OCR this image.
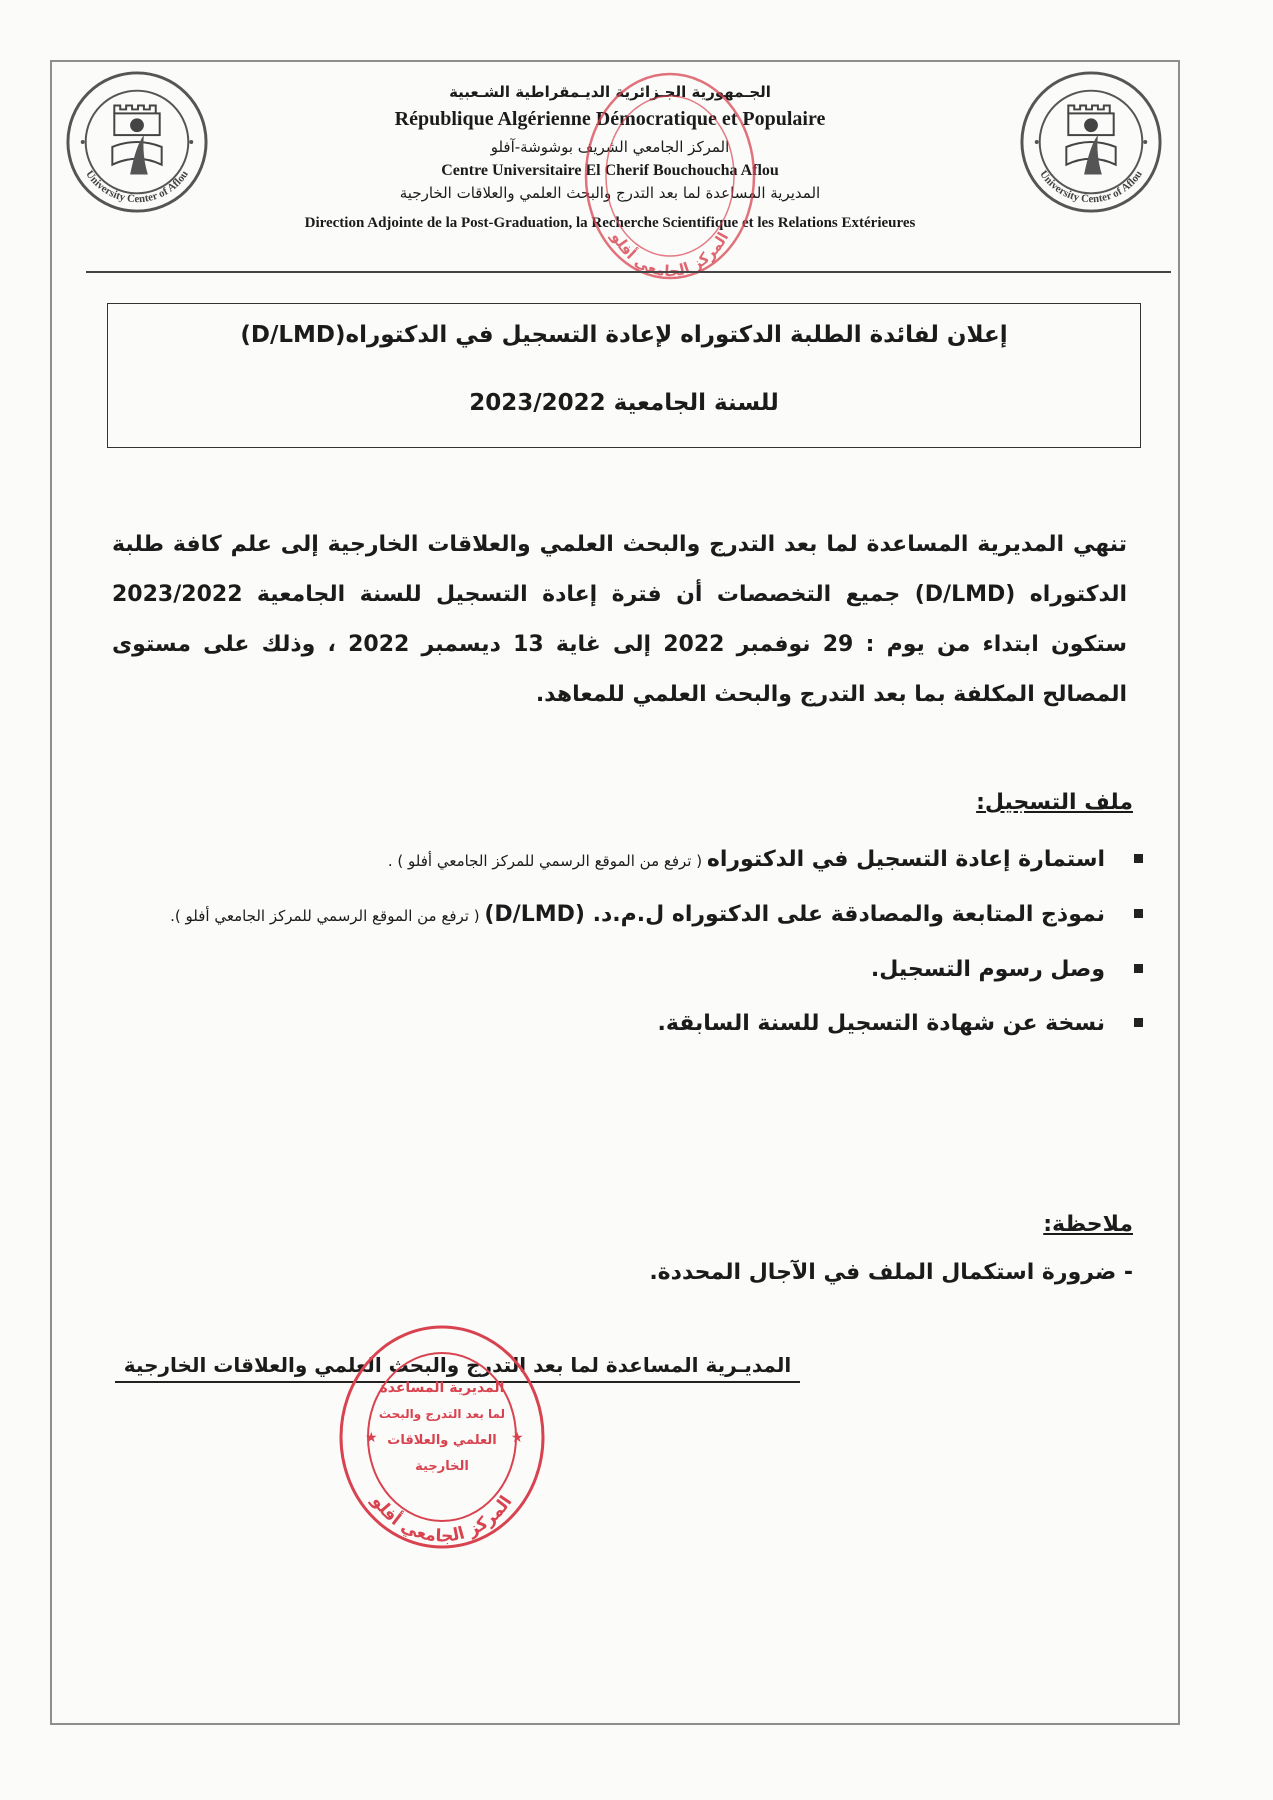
University Center of Aflou	University Center of Aflou
الجـمهورية الجـزائرية الديـمقراطية الشـعبية
République Algérienne Démocratique et Populaire
المركز الجامعي الشريف بوشوشة-آفلو
Centre Universitaire El Cherif Bouchoucha Aflou
المديرية المساعدة لما بعد التدرج والبحث العلمي والعلاقات الخارجية
Direction Adjointe de la Post-Graduation, la Recherche Scientifique et les Relations Extérieures
المركز الجامعي أفلو
إعلان لفائدة الطلبة الدكتوراه لإعادة التسجيل في الدكتوراه(D/LMD)
للسنة الجامعية 2023/2022
تنهي المديرية المساعدة لما بعد التدرج والبحث العلمي والعلاقات الخارجية إلى علم كافة طلبة الدكتوراه (D/LMD) جميع التخصصات أن فترة إعادة التسجيل للسنة الجامعية 2023/2022 ستكون ابتداء من يوم : 29 نوفمبر 2022 إلى غاية 13 ديسمبر 2022 ، وذلك على مستوى المصالح المكلفة بما بعد التدرج والبحث العلمي للمعاهد.
ملف التسجيل:
استمارة إعادة التسجيل في الدكتوراه ( ترفع من الموقع الرسمي للمركز الجامعي أفلو ) .
نموذج المتابعة والمصادقة على الدكتوراه ل.م.د. (D/LMD) ( ترفع من الموقع الرسمي للمركز الجامعي أفلو ).
وصل رسوم التسجيل.
نسخة عن شهادة التسجيل للسنة السابقة.
ملاحظة:
- ضرورة استكمال الملف في الآجال المحددة.
المديـرية المساعدة لما بعد التدرج والبحث العلمي والعلاقات الخارجية
المركز الجامعي أفلو
المديرية المساعدة
لما بعد التدرج والبحث
العلمي والعلاقات
الخارجية
★	★
